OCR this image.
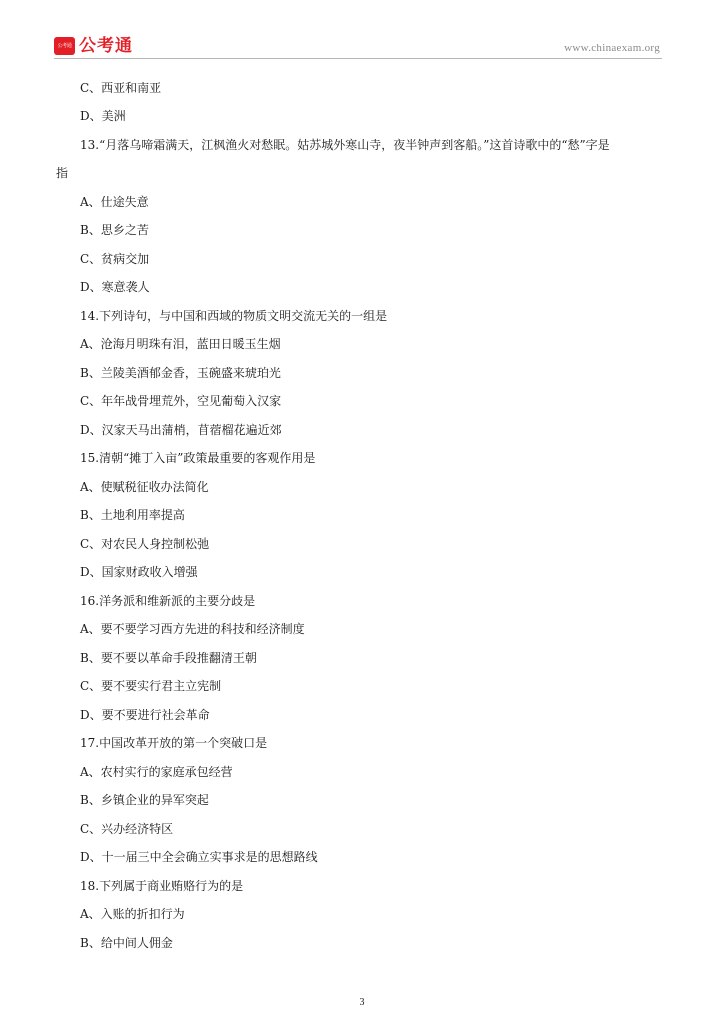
公考通 公考通	www.chinaexam.org
C、西亚和南亚
D、美洲
13.“月落乌啼霜满天，江枫渔火对愁眠。姑苏城外寒山寺，夜半钟声到客船。”这首诗歌中的“愁”字是
指
A、仕途失意
B、思乡之苦
C、贫病交加
D、寒意袭人
14.下列诗句，与中国和西域的物质文明交流无关的一组是
A、沧海月明珠有泪，蓝田日暖玉生烟
B、兰陵美酒郁金香，玉碗盛来琥珀光
C、年年战骨埋荒外，空见葡萄入汉家
D、汉家天马出蒲梢，苜蓿榴花遍近郊
15.清朝“摊丁入亩”政策最重要的客观作用是
A、使赋税征收办法简化
B、土地利用率提高
C、对农民人身控制松弛
D、国家财政收入增强
16.洋务派和维新派的主要分歧是
A、要不要学习西方先进的科技和经济制度
B、要不要以革命手段推翻清王朝
C、要不要实行君主立宪制
D、要不要进行社会革命
17.中国改革开放的第一个突破口是
A、农村实行的家庭承包经营
B、乡镇企业的异军突起
C、兴办经济特区
D、十一届三中全会确立实事求是的思想路线
18.下列属于商业贿赂行为的是
A、入账的折扣行为
B、给中间人佣金
3
